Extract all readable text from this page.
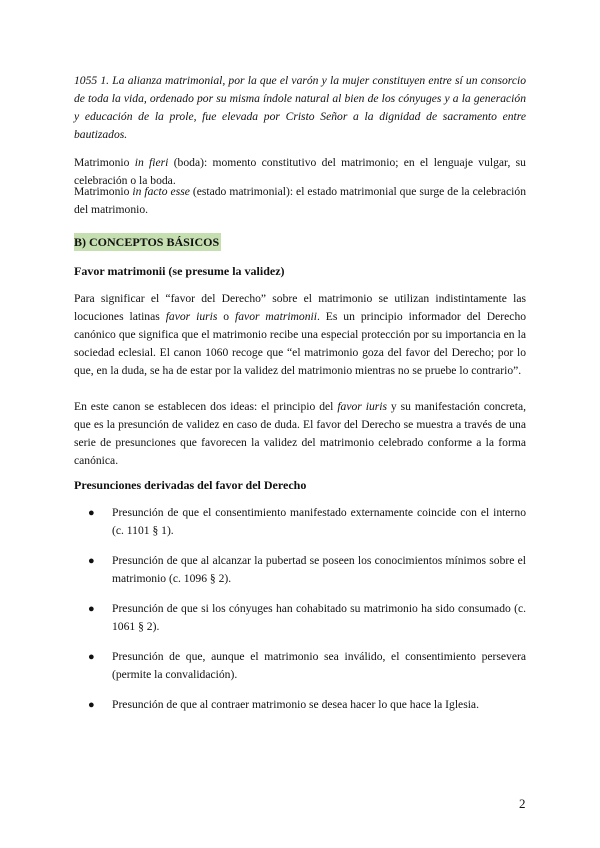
1055 1. La alianza matrimonial, por la que el varón y la mujer constituyen entre sí un consorcio de toda la vida, ordenado por su misma índole natural al bien de los cónyuges y a la generación y educación de la prole, fue elevada por Cristo Señor a la dignidad de sacramento entre bautizados.

Matrimonio in fieri (boda): momento constitutivo del matrimonio; en el lenguaje vulgar, su celebración o la boda.

Matrimonio in facto esse (estado matrimonial): el estado matrimonial que surge de la celebración del matrimonio.

B) CONCEPTOS BÁSICOS

Favor matrimonii (se presume la validez)

Para significar el “favor del Derecho” sobre el matrimonio se utilizan indistintamente las locuciones latinas favor iuris o favor matrimonii. Es un principio informador del Derecho canónico que significa que el matrimonio recibe una especial protección por su importancia en la sociedad eclesial. El canon 1060 recoge que “el matrimonio goza del favor del Derecho; por lo que, en la duda, se ha de estar por la validez del matrimonio mientras no se pruebe lo contrario”.

En este canon se establecen dos ideas: el principio del favor iuris y su manifestación concreta, que es la presunción de validez en caso de duda. El favor del Derecho se muestra a través de una serie de presunciones que favorecen la validez del matrimonio celebrado conforme a la forma canónica.

Presunciones derivadas del favor del Derecho

● Presunción de que el consentimiento manifestado externamente coincide con el interno (c. 1101 § 1).
● Presunción de que al alcanzar la pubertad se poseen los conocimientos mínimos sobre el matrimonio (c. 1096 § 2).
● Presunción de que si los cónyuges han cohabitado su matrimonio ha sido consumado (c. 1061 § 2).
● Presunción de que, aunque el matrimonio sea inválido, el consentimiento persevera (permite la convalidación).
● Presunción de que al contraer matrimonio se desea hacer lo que hace la Iglesia.
2
